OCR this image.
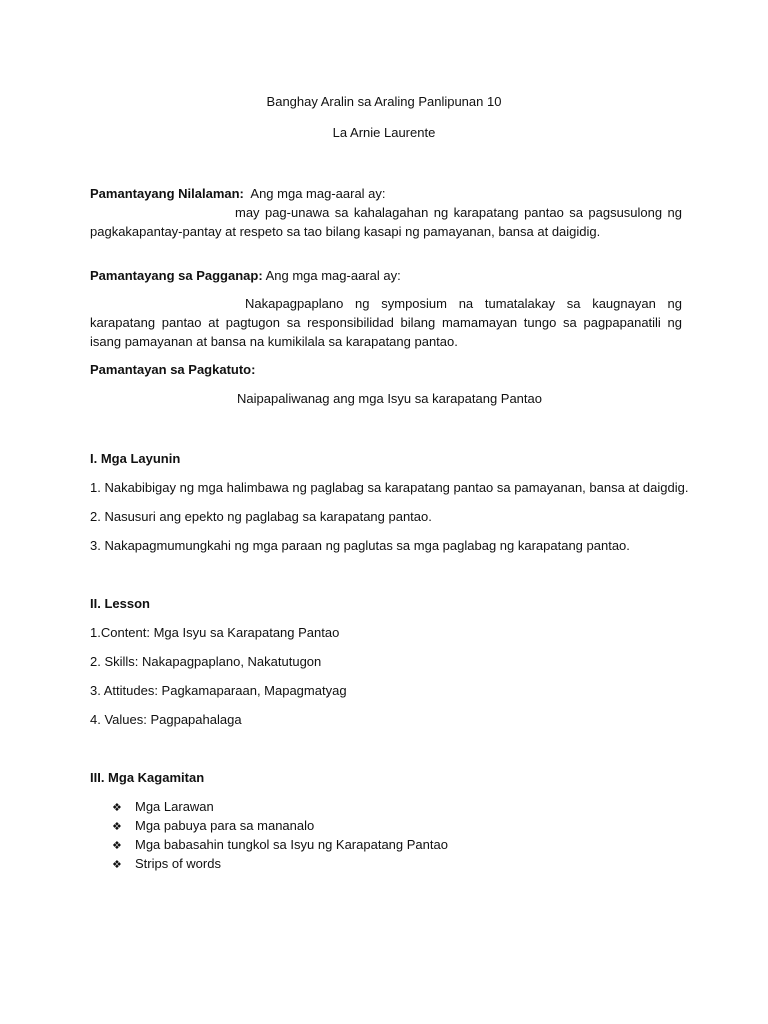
Banghay Aralin sa Araling Panlipunan 10
La Arnie Laurente
Pamantayang Nilalaman: Ang mga mag-aaral ay:
may pag-unawa sa kahalagahan ng karapatang pantao sa pagsusulong ng pagkakapantay-pantay at respeto sa tao bilang kasapi ng pamayanan, bansa at daigidig.
Pamantayang sa Pagganap: Ang mga mag-aaral ay:
Nakapagpaplano ng symposium na tumatalakay sa kaugnayan ng karapatang pantao at pagtugon sa responsibilidad bilang mamamayan tungo sa pagpapanatili ng isang pamayanan at bansa na kumikilala sa karapatang pantao.
Pamantayan sa Pagkatuto:
Naipapaliwanag ang mga Isyu sa karapatang Pantao
I. Mga Layunin
1. Nakabibigay ng mga halimbawa ng paglabag sa karapatang pantao sa pamayanan, bansa at daigdig.
2. Nasusuri ang epekto ng paglabag sa karapatang pantao.
3. Nakapagmumungkahi ng mga paraan ng paglutas sa mga paglabag ng karapatang pantao.
II. Lesson
1.Content: Mga Isyu sa Karapatang Pantao
2. Skills: Nakapagpaplano, Nakatutugon
3. Attitudes: Pagkamaparaan, Mapagmatyag
4. Values: Pagpapahalaga
III. Mga Kagamitan
❖ Mga Larawan
❖ Mga pabuya para sa mananalo
❖ Mga babasahin tungkol sa Isyu ng Karapatang Pantao
❖ Strips of words
